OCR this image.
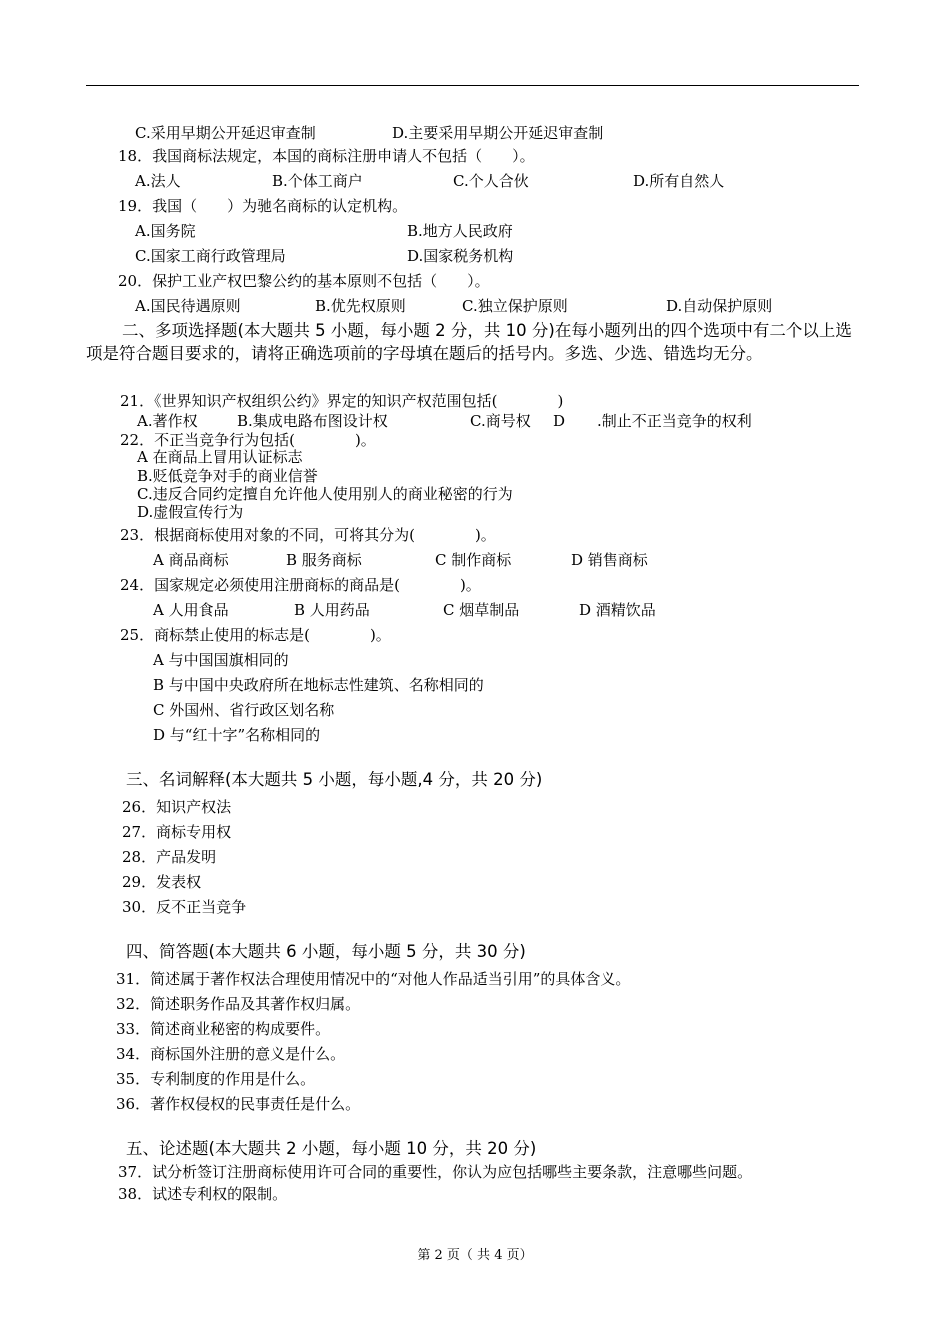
C.采用早期公开延迟审查制	D.主要采用早期公开延迟审查制
18．我国商标法规定，本国的商标注册申请人不包括（　　）。
A.法人	B.个体工商户	C.个人合伙	D.所有自然人
19．我国（　　）为驰名商标的认定机构。
A.国务院	B.地方人民政府
C.国家工商行政管理局	D.国家税务机构
20．保护工业产权巴黎公约的基本原则不包括（　　）。
A.国民待遇原则	B.优先权原则	C.独立保护原则	D.自动保护原则
二、多项选择题(本大题共 5 小题，每小题 2 分，共 10 分)在每小题列出的四个选项中有二个以上选项是符合题目要求的，请将正确选项前的字母填在题后的括号内。多选、少选、错选均无分。
21．《世界知识产权组织公约》界定的知识产权范围包括(　　　　)
A.著作权	B.集成电路布图设计权	C.商号权 D .制止不正当竞争的权利
22．不正当竞争行为包括(　　　　)。
A 在商品上冒用认证标志
B.贬低竞争对手的商业信誉
C.违反合同约定擅自允许他人使用别人的商业秘密的行为
D.虚假宣传行为
23．根据商标使用对象的不同，可将其分为(　　　　)。
A 商品商标	B 服务商标	C 制作商标	D 销售商标
24．国家规定必须使用注册商标的商品是(　　　　)。
A 人用食品	B 人用药品	C 烟草制品	D 酒精饮品
25．商标禁止使用的标志是(　　　　)。
A 与中国国旗相同的
B 与中国中央政府所在地标志性建筑、名称相同的
C 外国州、省行政区划名称
D 与“红十字”名称相同的
三、名词解释(本大题共 5 小题，每小题,4 分，共 20 分)
26．知识产权法
27．商标专用权
28．产品发明
29．发表权
30．反不正当竞争
四、简答题(本大题共 6 小题，每小题 5 分，共 30 分)
31．简述属于著作权法合理使用情况中的“对他人作品适当引用”的具体含义。
32．简述职务作品及其著作权归属。
33．简述商业秘密的构成要件。
34．商标国外注册的意义是什么。
35．专利制度的作用是什么。
36．著作权侵权的民事责任是什么。
五、论述题(本大题共 2 小题，每小题 10 分，共 20 分)
37．试分析签订注册商标使用许可合同的重要性，你认为应包括哪些主要条款，注意哪些问题。
38．试述专利权的限制。
第 2 页（ 共 4 页）
